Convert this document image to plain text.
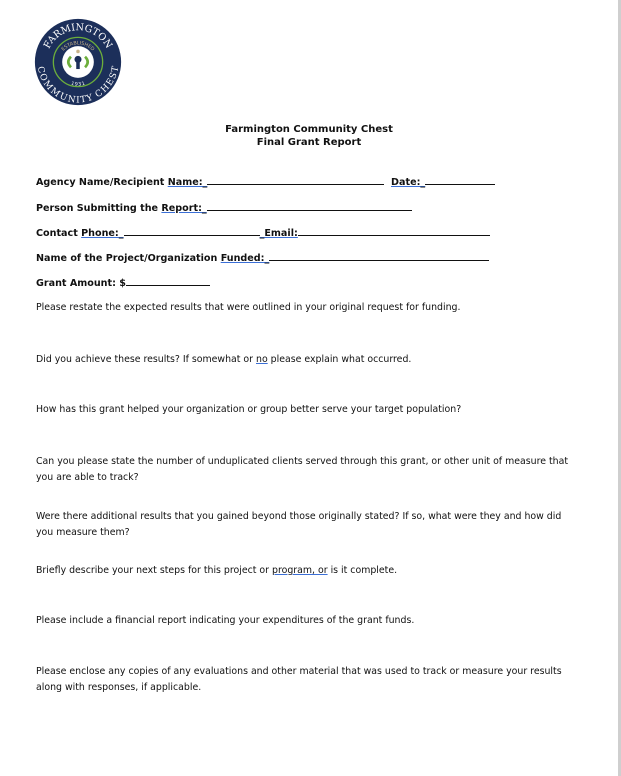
FARMINGTON
COMMUNITY CHEST
ESTABLISHED
1931
Farmington Community Chest
Final Grant Report
Agency Name/Recipient Name:_	Date:_
Person Submitting the Report:_
Contact Phone:_	_Email:
Name of the Project/Organization Funded:_
Grant Amount: $
Please restate the expected results that were outlined in your original request for funding.
Did you achieve these results? If somewhat or no please explain what occurred.
How has this grant helped your organization or group better serve your target population?
Can you please state the number of unduplicated clients served through this grant, or other unit of measure that you are able to track?
Were there additional results that you gained beyond those originally stated? If so, what were they and how did you measure them?
Briefly describe your next steps for this project or program, or is it complete.
Please include a financial report indicating your expenditures of the grant funds.
Please enclose any copies of any evaluations and other material that was used to track or measure your results along with responses, if applicable.
